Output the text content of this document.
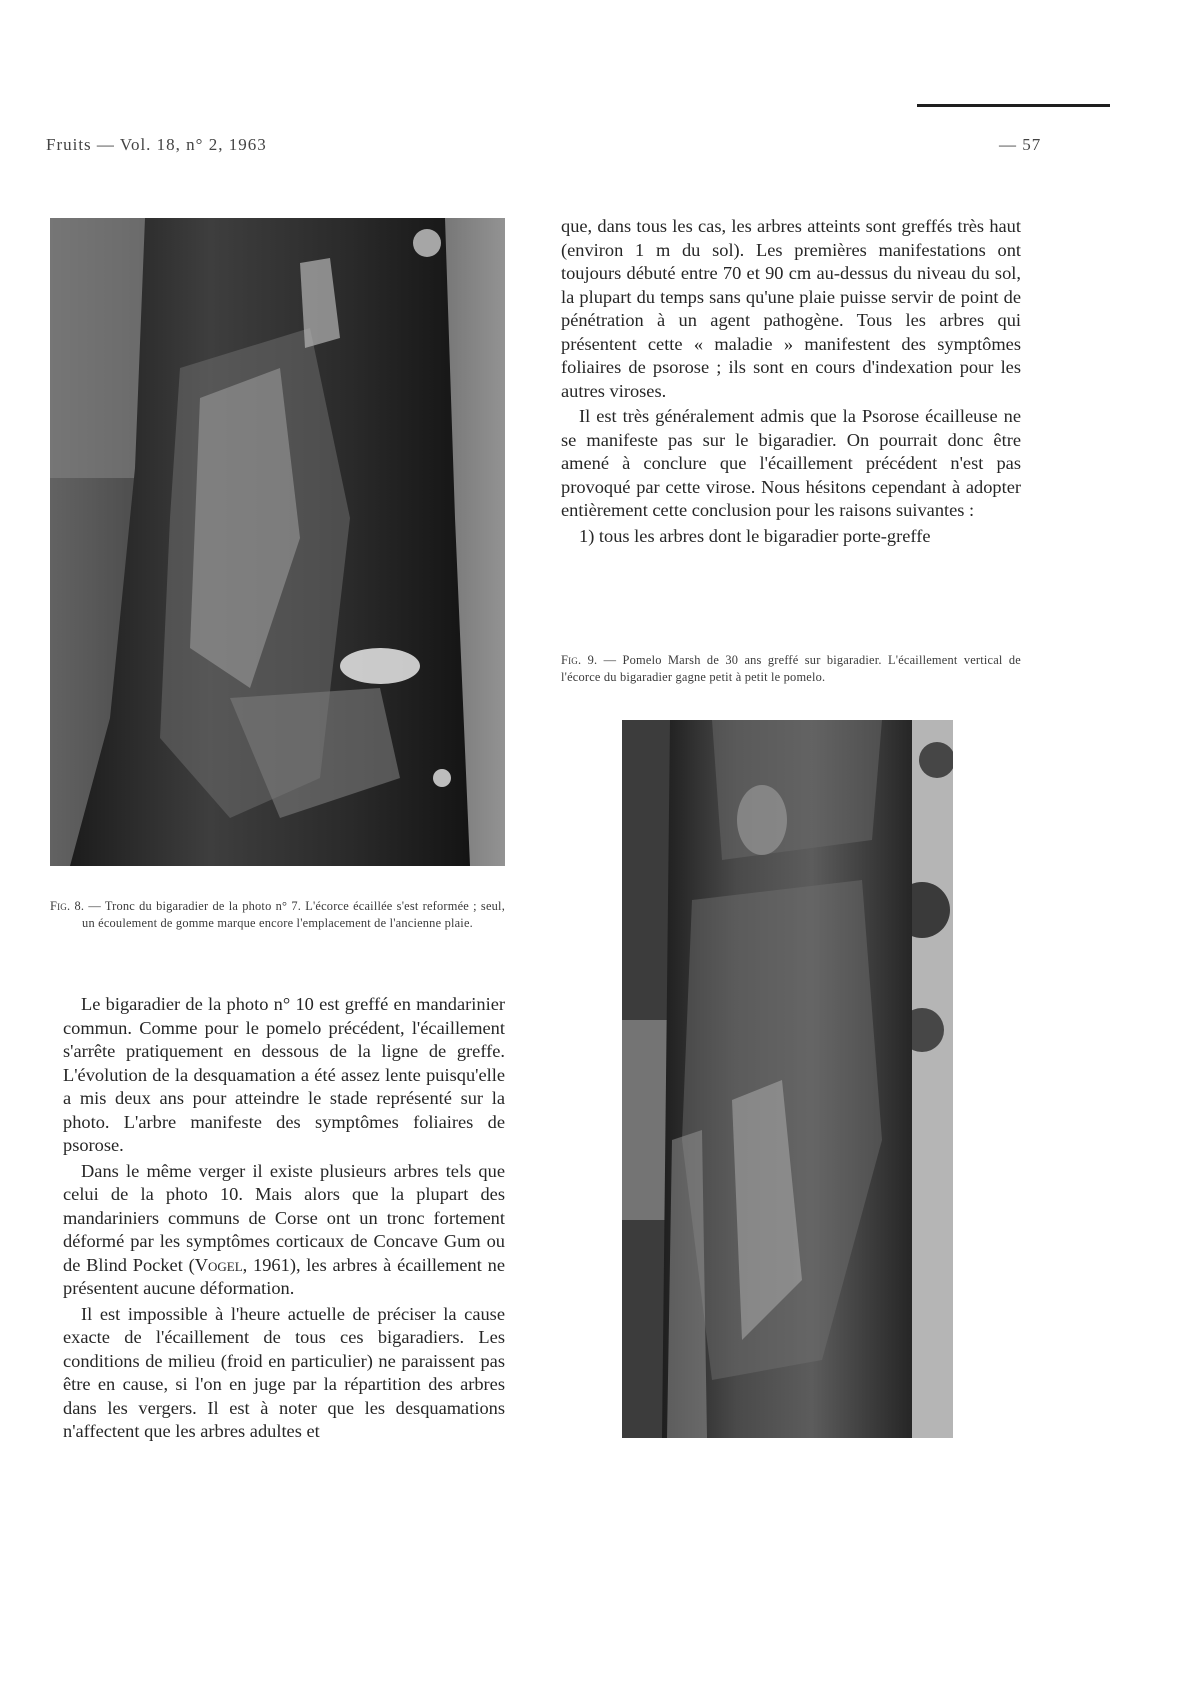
Fruits — Vol. 18, n° 2, 1963	— 57

Fig. 8. — Tronc du bigaradier de la photo n° 7. L'écorce écaillée s'est reformée ; seul, un écoulement de gomme marque encore l'emplacement de l'ancienne plaie.

que, dans tous les cas, les arbres atteints sont greffés très haut (environ 1 m du sol). Les premières manifestations ont toujours débuté entre 70 et 90 cm au-dessus du niveau du sol, la plupart du temps sans qu'une plaie puisse servir de point de pénétration à un agent pathogène. Tous les arbres qui présentent cette « maladie » manifestent des symptômes foliaires de psorose ; ils sont en cours d'indexation pour les autres viroses.

Il est très généralement admis que la Psorose écailleuse ne se manifeste pas sur le bigaradier. On pourrait donc être amené à conclure que l'écaillement précédent n'est pas provoqué par cette virose. Nous hésitons cependant à adopter entièrement cette conclusion pour les raisons suivantes :

1) tous les arbres dont le bigaradier porte-greffe

Fig. 9. — Pomelo Marsh de 30 ans greffé sur bigaradier. L'écaillement vertical de l'écorce du bigaradier gagne petit à petit le pomelo.

Le bigaradier de la photo n° 10 est greffé en mandarinier commun. Comme pour le pomelo précédent, l'écaillement s'arrête pratiquement en dessous de la ligne de greffe. L'évolution de la desquamation a été assez lente puisqu'elle a mis deux ans pour atteindre le stade représenté sur la photo. L'arbre manifeste des symptômes foliaires de psorose.

Dans le même verger il existe plusieurs arbres tels que celui de la photo 10. Mais alors que la plupart des mandariniers communs de Corse ont un tronc fortement déformé par les symptômes corticaux de Concave Gum ou de Blind Pocket (Vogel, 1961), les arbres à écaillement ne présentent aucune déformation.

Il est impossible à l'heure actuelle de préciser la cause exacte de l'écaillement de tous ces bigaradiers. Les conditions de milieu (froid en particulier) ne paraissent pas être en cause, si l'on en juge par la répartition des arbres dans les vergers. Il est à noter que les desquamations n'affectent que les arbres adultes et
